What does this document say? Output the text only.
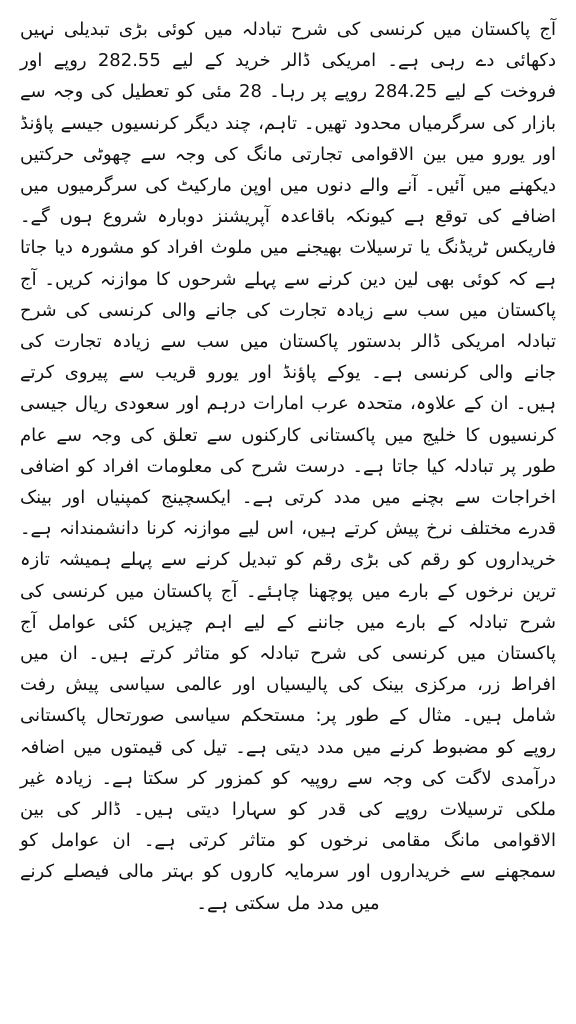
آج پاکستان میں کرنسی کی شرح تبادلہ میں کوئی بڑی تبدیلی نہیں دکھائی دے رہی ہے۔ امریکی ڈالر خرید کے لیے 282.55 روپے اور فروخت کے لیے 284.25 روپے پر رہا۔ 28 مئی کو تعطیل کی وجہ سے بازار کی سرگرمیاں محدود تھیں۔ تاہم، چند دیگر کرنسیوں جیسے پاؤنڈ اور یورو میں بین الاقوامی تجارتی مانگ کی وجہ سے چھوٹی حرکتیں دیکھنے میں آئیں۔ آنے والے دنوں میں اوپن مارکیٹ کی سرگرمیوں میں اضافے کی توقع ہے کیونکہ باقاعدہ آپریشنز دوبارہ شروع ہوں گے۔ فاریکس ٹریڈنگ یا ترسیلات بھیجنے میں ملوث افراد کو مشورہ دیا جاتا ہے کہ کوئی بھی لین دین کرنے سے پہلے شرحوں کا موازنہ کریں۔ آج پاکستان میں سب سے زیادہ تجارت کی جانے والی کرنسی کی شرح تبادلہ امریکی ڈالر بدستور پاکستان میں سب سے زیادہ تجارت کی جانے والی کرنسی ہے۔ یوکے پاؤنڈ اور یورو قریب سے پیروی کرتے ہیں۔ ان کے علاوہ، متحدہ عرب امارات درہم اور سعودی ریال جیسی کرنسیوں کا خلیج میں پاکستانی کارکنوں سے تعلق کی وجہ سے عام طور پر تبادلہ کیا جاتا ہے۔ درست شرح کی معلومات افراد کو اضافی اخراجات سے بچنے میں مدد کرتی ہے۔ ایکسچینج کمپنیاں اور بینک قدرے مختلف نرخ پیش کرتے ہیں، اس لیے موازنہ کرنا دانشمندانہ ہے۔ خریداروں کو رقم کی بڑی رقم کو تبدیل کرنے سے پہلے ہمیشہ تازہ ترین نرخوں کے بارے میں پوچھنا چاہئے۔ آج پاکستان میں کرنسی کی شرح تبادلہ کے بارے میں جاننے کے لیے اہم چیزیں کئی عوامل آج پاکستان میں کرنسی کی شرح تبادلہ کو متاثر کرتے ہیں۔ ان میں افراط زر، مرکزی بینک کی پالیسیاں اور عالمی سیاسی پیش رفت شامل ہیں۔ مثال کے طور پر: مستحکم سیاسی صورتحال پاکستانی روپے کو مضبوط کرنے میں مدد دیتی ہے۔ تیل کی قیمتوں میں اضافہ درآمدی لاگت کی وجہ سے روپیہ کو کمزور کر سکتا ہے۔ زیادہ غیر ملکی ترسیلات روپے کی قدر کو سہارا دیتی ہیں۔ ڈالر کی بین الاقوامی مانگ مقامی نرخوں کو متاثر کرتی ہے۔ ان عوامل کو سمجھنے سے خریداروں اور سرمایہ کاروں کو بہتر مالی فیصلے کرنے میں مدد مل سکتی ہے۔
